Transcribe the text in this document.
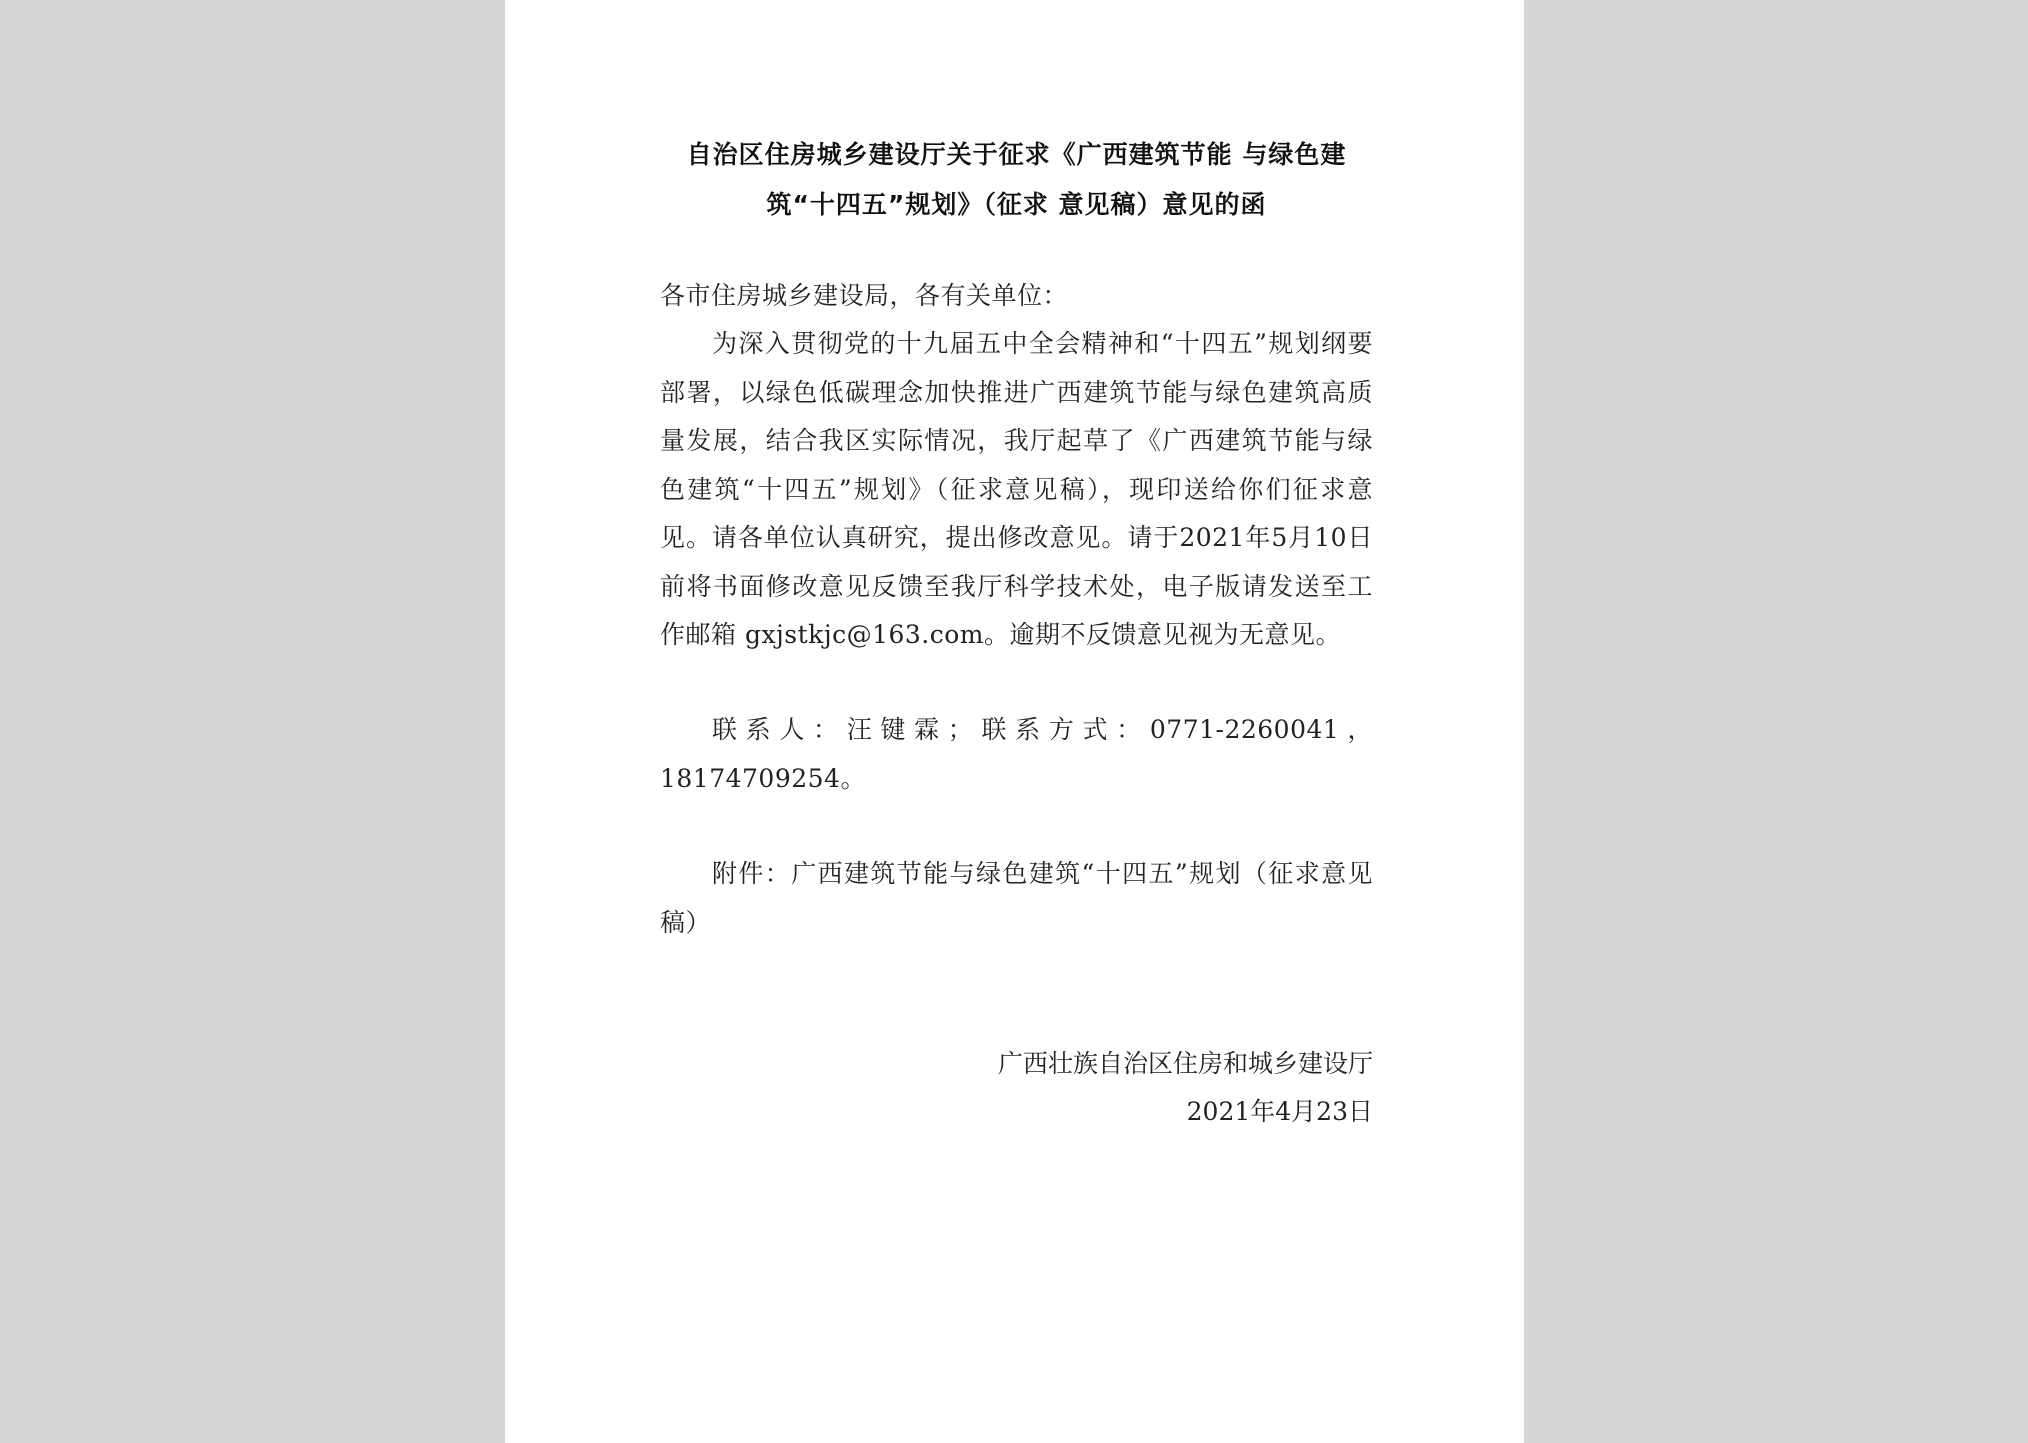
自治区住房城乡建设厅关于征求《广西建筑节能 与绿色建
筑“十四五”规划》（征求 意见稿）意见的函
各市住房城乡建设局，各有关单位：
为深入贯彻党的十九届五中全会精神和“十四五”规划纲要部署，以绿色低碳理念加快推进广西建筑节能与绿色建筑高质量发展，结合我区实际情况，我厅起草了《广西建筑节能与绿色建筑“十四五”规划》（征求意见稿），现印送给你们征求意见。请各单位认真研究，提出修改意见。请于2021年5月10日前将书面修改意见反馈至我厅科学技术处，电子版请发送至工作邮箱 gxjstkjc@163.com。逾期不反馈意见视为无意见。
联系人：汪键霖；联系方式：0771-2260041，18174709254。
附件：广西建筑节能与绿色建筑“十四五”规划（征求意见稿）
广西壮族自治区住房和城乡建设厅
2021年4月23日
